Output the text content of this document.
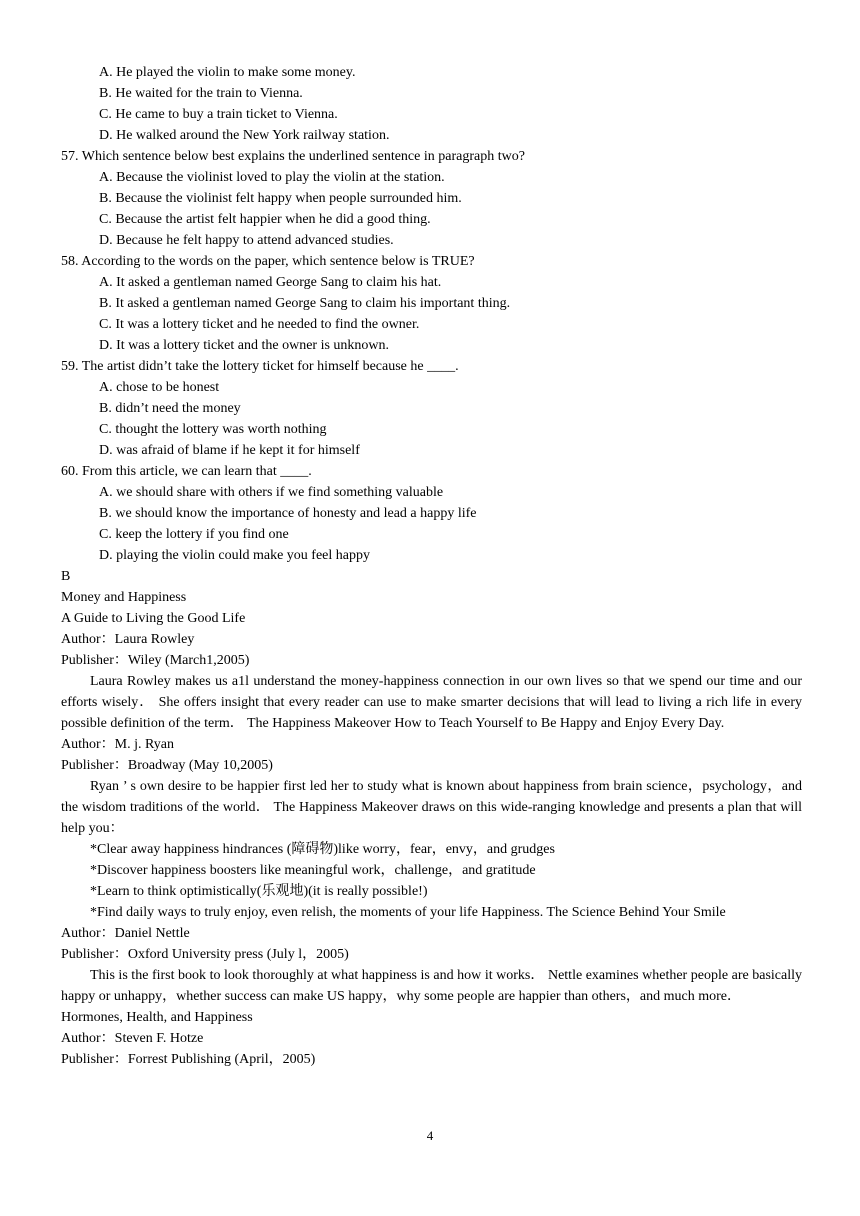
A. He played the violin to make some money.
B. He waited for the train to Vienna.
C. He came to buy a train ticket to Vienna.
D. He walked around the New York railway station.
57. Which sentence below best explains the underlined sentence in paragraph two?
A. Because the violinist loved to play the violin at the station.
B. Because the violinist felt happy when people surrounded him.
C. Because the artist felt happier when he did a good thing.
D. Because he felt happy to attend advanced studies.
58. According to the words on the paper, which sentence below is TRUE?
A. It asked a gentleman named George Sang to claim his hat.
B. It asked a gentleman named George Sang to claim his important thing.
C. It was a lottery ticket and he needed to find the owner.
D. It was a lottery ticket and the owner is unknown.
59. The artist didn’t take the lottery ticket for himself because he ____.
A. chose to be honest
B. didn’t need the money
C. thought the lottery was worth nothing
D. was afraid of blame if he kept it for himself
60. From this article, we can learn that ____.
A. we should share with others if we find something valuable
B. we should know the importance of honesty and lead a happy life
C. keep the lottery if you find one
D. playing the violin could make you feel happy
B
Money and Happiness
A Guide to Living the Good Life
Author：Laura Rowley
Publisher：Wiley (March1,2005)

Laura Rowley makes us a1l understand the money-happiness connection in our own lives so that we spend our time and our efforts wisely． She offers insight that every reader can use to make smarter decisions that will lead to living a rich life in every possible definition of the term． The Happiness Makeover How to Teach Yourself to Be Happy and Enjoy Every Day.

Author：M. j. Ryan
Publisher：Broadway (May 10,2005)

Ryan ’ s own desire to be happier first led her to study what is known about happiness from brain science，psychology，and the wisdom traditions of the world． The Happiness Makeover draws on this wide-ranging knowledge and presents a plan that will help you：

*Clear away happiness hindrances (障碍物)like worry，fear，envy，and grudges
*Discover happiness boosters like meaningful work，challenge，and gratitude
*Learn to think optimistically(乐观地)(it is really possible!)
*Find daily ways to truly enjoy, even relish, the moments of your life Happiness. The Science Behind Your Smile
Author：Daniel Nettle
Publisher：Oxford University press (July l，2005)

This is the first book to look thoroughly at what happiness is and how it works． Nettle examines whether people are basically happy or unhappy，whether success can make US happy，why some people are happier than others，and much more．

Hormones, Health, and Happiness
Author：Steven F. Hotze
Publisher：Forrest Publishing (April，2005)
4
